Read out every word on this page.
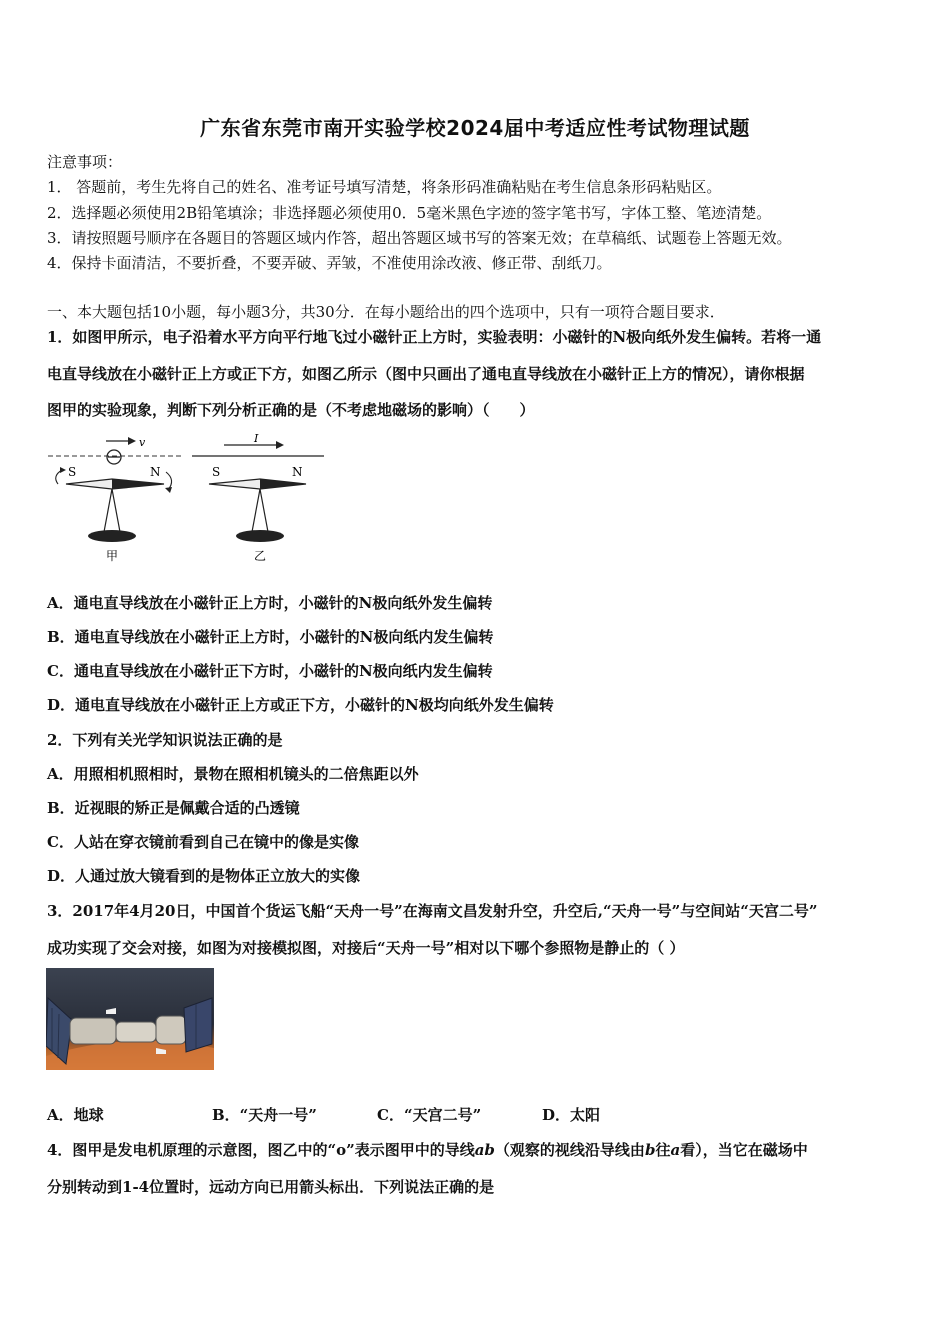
广东省东莞市南开实验学校2024届中考适应性考试物理试题
注意事项：
1． 答题前，考生先将自己的姓名、准考证号填写清楚，将条形码准确粘贴在考生信息条形码粘贴区。
2．选择题必须使用2B铅笔填涂；非选择题必须使用0．5毫米黑色字迹的签字笔书写，字体工整、笔迹清楚。
3．请按照题号顺序在各题目的答题区域内作答，超出答题区域书写的答案无效；在草稿纸、试题卷上答题无效。
4．保持卡面清洁，不要折叠，不要弄破、弄皱，不准使用涂改液、修正带、刮纸刀。
一、本大题包括10小题，每小题3分，共30分．在每小题给出的四个选项中，只有一项符合题目要求．
1．如图甲所示，电子沿着水平方向平行地飞过小磁针正上方时，实验表明：小磁针的N极向纸外发生偏转。若将一通
电直导线放在小磁针正上方或正下方，如图乙所示（图中只画出了通电直导线放在小磁针正上方的情况），请你根据
图甲的实验现象，判断下列分析正确的是（不考虑地磁场的影响）（　　）
v
S	N
甲
I
S	N
乙
A．通电直导线放在小磁针正上方时，小磁针的N极向纸外发生偏转
B．通电直导线放在小磁针正上方时，小磁针的N极向纸内发生偏转
C．通电直导线放在小磁针正下方时，小磁针的N极向纸内发生偏转
D．通电直导线放在小磁针正上方或正下方，小磁针的N极均向纸外发生偏转
2．下列有关光学知识说法正确的是
A．用照相机照相时，景物在照相机镜头的二倍焦距以外
B．近视眼的矫正是佩戴合适的凸透镜
C．人站在穿衣镜前看到自己在镜中的像是实像
D．人通过放大镜看到的是物体正立放大的实像
3．2017年4月20日，中国首个货运飞船“天舟一号”在海南文昌发射升空，升空后,“天舟一号”与空间站“天宫二号”
成功实现了交会对接，如图为对接模拟图，对接后“天舟一号”相对以下哪个参照物是静止的（ ）
A．地球	B．“天舟一号”	C．“天宫二号”	D．太阳
4．图甲是发电机原理的示意图，图乙中的“o”表示图甲中的导线ab（观察的视线沿导线由b往a看），当它在磁场中
分别转动到1-4位置时，远动方向已用箭头标出．下列说法正确的是
